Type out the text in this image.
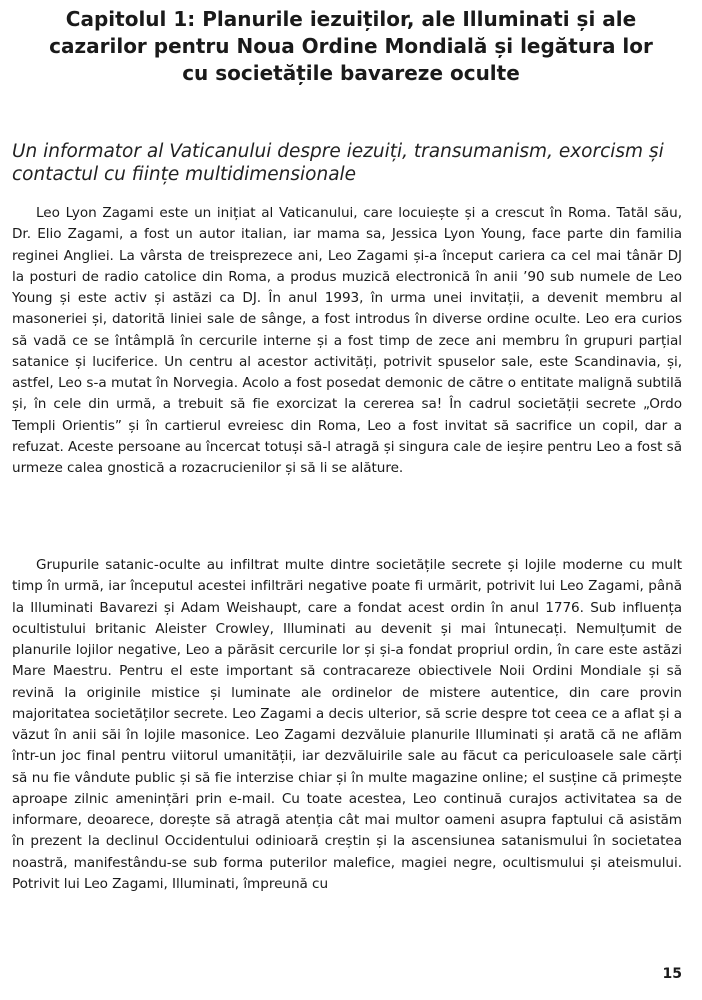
Capitolul 1: Planurile iezuiților, ale Illuminati și ale cazarilor pentru Noua Ordine Mondială și legătura lor cu societățile bavareze oculte
Un informator al Vaticanului despre iezuiți, transumanism, exorcism și contactul cu ființe multidimensionale

Leo Lyon Zagami este un inițiat al Vaticanului, care locuiește și a crescut în Roma. Tatăl său, Dr. Elio Zagami, a fost un autor italian, iar mama sa, Jessica Lyon Young, face parte din familia reginei Angliei. La vârsta de treisprezece ani, Leo Zagami și-a început cariera ca cel mai tânăr DJ la posturi de radio catolice din Roma, a produs muzică electronică în anii ’90 sub numele de Leo Young și este activ și astăzi ca DJ. În anul 1993, în urma unei invitații, a devenit membru al masoneriei și, datorită liniei sale de sânge, a fost introdus în diverse ordine oculte. Leo era curios să vadă ce se întâmplă în cercurile interne și a fost timp de zece ani membru în grupuri parțial satanice și luciferice. Un centru al acestor activități, potrivit spuselor sale, este Scandinavia, și, astfel, Leo s-a mutat în Norvegia. Acolo a fost posedat demonic de către o entitate malignă subtilă și, în cele din urmă, a trebuit să fie exorcizat la cererea sa! În cadrul societății secrete „Ordo Templi Orientis” și în cartierul evreiesc din Roma, Leo a fost invitat să sacrifice un copil, dar a refuzat. Aceste persoane au încercat totuși să-l atragă și singura cale de ieșire pentru Leo a fost să urmeze calea gnostică a rozacrucienilor și să li se alăture.

Grupurile satanic-oculte au infiltrat multe dintre societățile secrete și lojile moderne cu mult timp în urmă, iar începutul acestei infiltrări negative poate fi urmărit, potrivit lui Leo Zagami, până la Illuminati Bavarezi și Adam Weishaupt, care a fondat acest ordin în anul 1776. Sub influența ocultistului britanic Aleister Crowley, Illuminati au devenit și mai întunecați. Nemulțumit de planurile lojilor negative, Leo a părăsit cercurile lor și și-a fondat propriul ordin, în care este astăzi Mare Maestru. Pentru el este important să contracareze obiectivele Noii Ordini Mondiale și să revină la originile mistice și luminate ale ordinelor de mistere autentice, din care provin majoritatea societăților secrete. Leo Zagami a decis ulterior, să scrie despre tot ceea ce a aflat și a văzut în anii săi în lojile masonice. Leo Zagami dezvăluie planurile Illuminati și arată că ne aflăm într-un joc final pentru viitorul umanității, iar dezvăluirile sale au făcut ca periculoasele sale cărți să nu fie vândute public și să fie interzise chiar și în multe magazine online; el susține că primește aproape zilnic amenințări prin e-mail. Cu toate acestea, Leo continuă curajos activitatea sa de informare, deoarece, dorește să atragă atenția cât mai multor oameni asupra faptului că asistăm în prezent la declinul Occidentului odinioară creștin și la ascensiunea satanismului în societatea noastră, manifestându-se sub forma puterilor malefice, magiei negre, ocultismului și ateismului. Potrivit lui Leo Zagami, Illuminati, împreună cu

15
